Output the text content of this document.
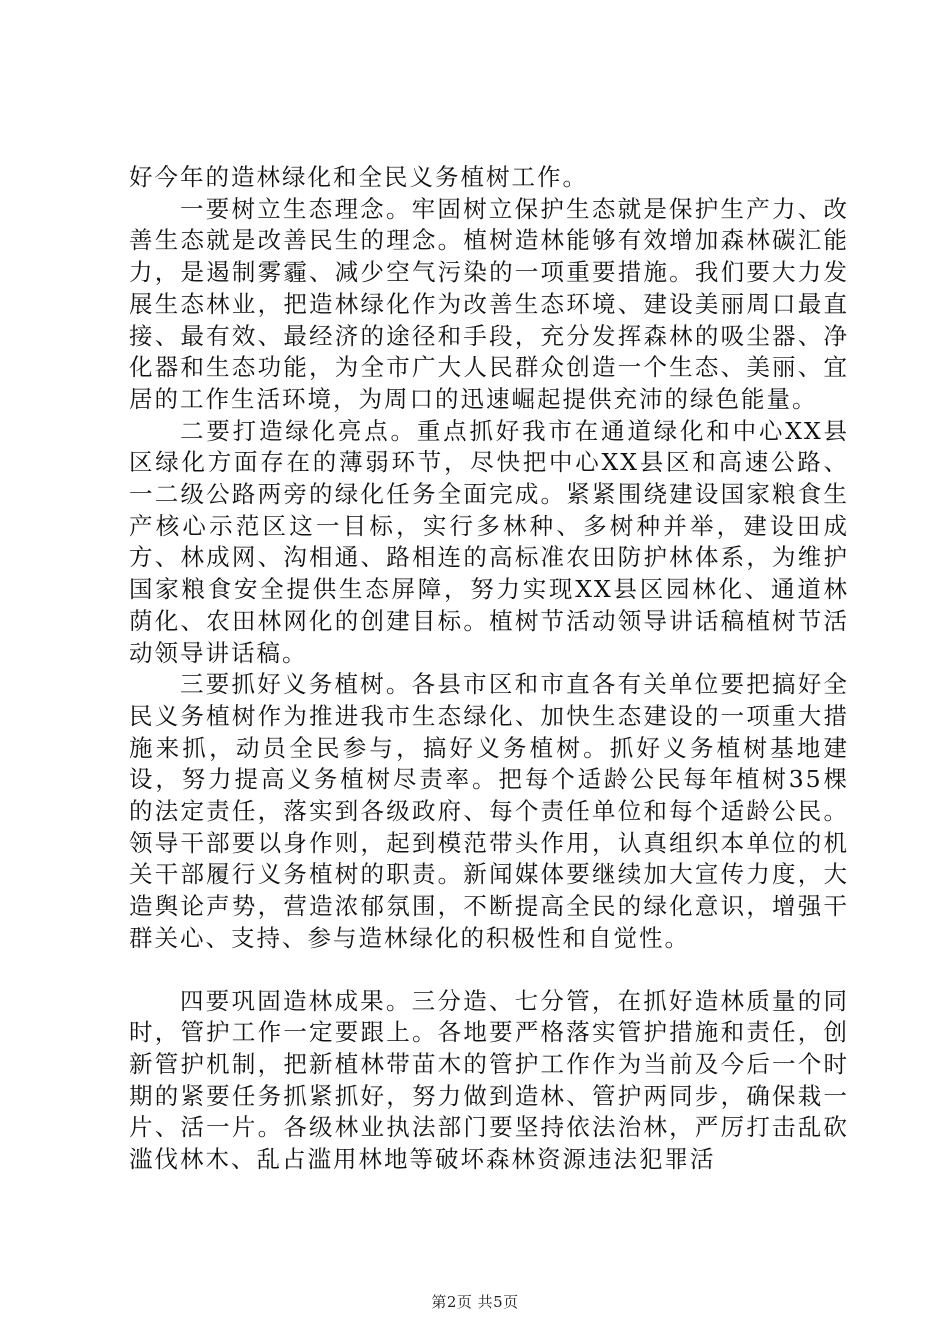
好今年的造林绿化和全民义务植树工作。

一要树立生态理念。牢固树立保护生态就是保护生产力、改善生态就是改善民生的理念。植树造林能够有效增加森林碳汇能力，是遏制雾霾、减少空气污染的一项重要措施。我们要大力发展生态林业，把造林绿化作为改善生态环境、建设美丽周口最直接、最有效、最经济的途径和手段，充分发挥森林的吸尘器、净化器和生态功能，为全市广大人民群众创造一个生态、美丽、宜居的工作生活环境，为周口的迅速崛起提供充沛的绿色能量。

二要打造绿化亮点。重点抓好我市在通道绿化和中心XX县区绿化方面存在的薄弱环节，尽快把中心XX县区和高速公路、一二级公路两旁的绿化任务全面完成。紧紧围绕建设国家粮食生产核心示范区这一目标，实行多林种、多树种并举，建设田成方、林成网、沟相通、路相连的高标准农田防护林体系，为维护国家粮食安全提供生态屏障，努力实现XX县区园林化、通道林荫化、农田林网化的创建目标。植树节活动领导讲话稿植树节活动领导讲话稿。

三要抓好义务植树。各县市区和市直各有关单位要把搞好全民义务植树作为推进我市生态绿化、加快生态建设的一项重大措施来抓，动员全民参与，搞好义务植树。抓好义务植树基地建设，努力提高义务植树尽责率。把每个适龄公民每年植树35棵的法定责任，落实到各级政府、每个责任单位和每个适龄公民。领导干部要以身作则，起到模范带头作用，认真组织本单位的机关干部履行义务植树的职责。新闻媒体要继续加大宣传力度，大造舆论声势，营造浓郁氛围，不断提高全民的绿化意识，增强干群关心、支持、参与造林绿化的积极性和自觉性。

四要巩固造林成果。三分造、七分管，在抓好造林质量的同时，管护工作一定要跟上。各地要严格落实管护措施和责任，创新管护机制，把新植林带苗木的管护工作作为当前及今后一个时期的紧要任务抓紧抓好，努力做到造林、管护两同步，确保栽一片、活一片。各级林业执法部门要坚持依法治林，严厉打击乱砍滥伐林木、乱占滥用林地等破坏森林资源违法犯罪活

第2页 共5页
